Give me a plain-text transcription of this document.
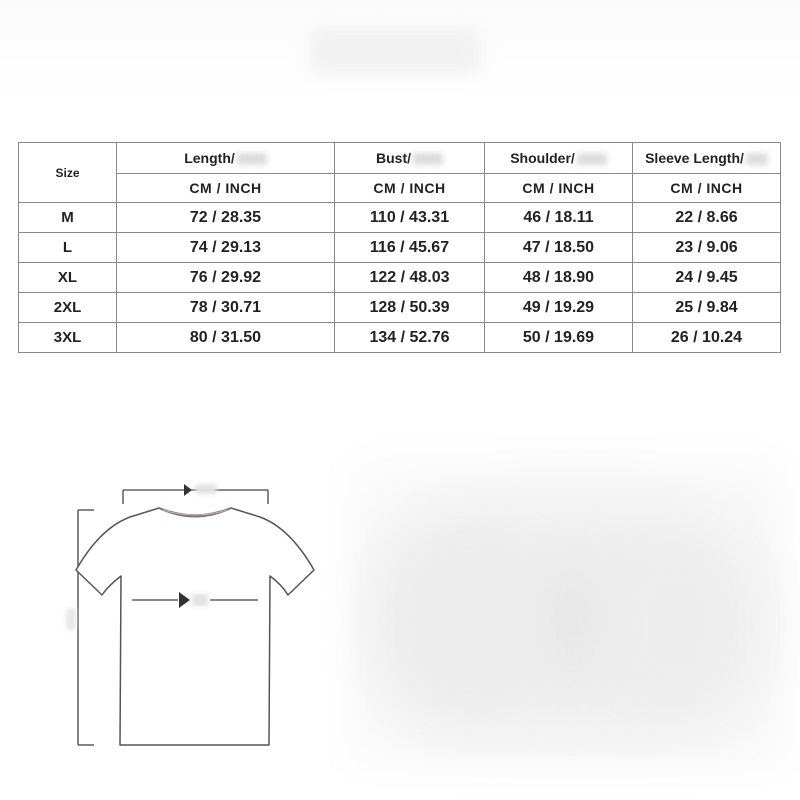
Size	Length/	Bust/	Shoulder/	Sleeve Length/
	CM / INCH	CM / INCH	CM / INCH	CM / INCH
M	72 / 28.35	110 / 43.31	46 / 18.11	22 / 8.66
L	74 / 29.13	116 / 45.67	47 / 18.50	23 / 9.06
XL	76 / 29.92	122 / 48.03	48 / 18.90	24 / 9.45
2XL	78 / 30.71	128 / 50.39	49 / 19.29	25 / 9.84
3XL	80 / 31.50	134 / 52.76	50 / 19.69	26 / 10.24
